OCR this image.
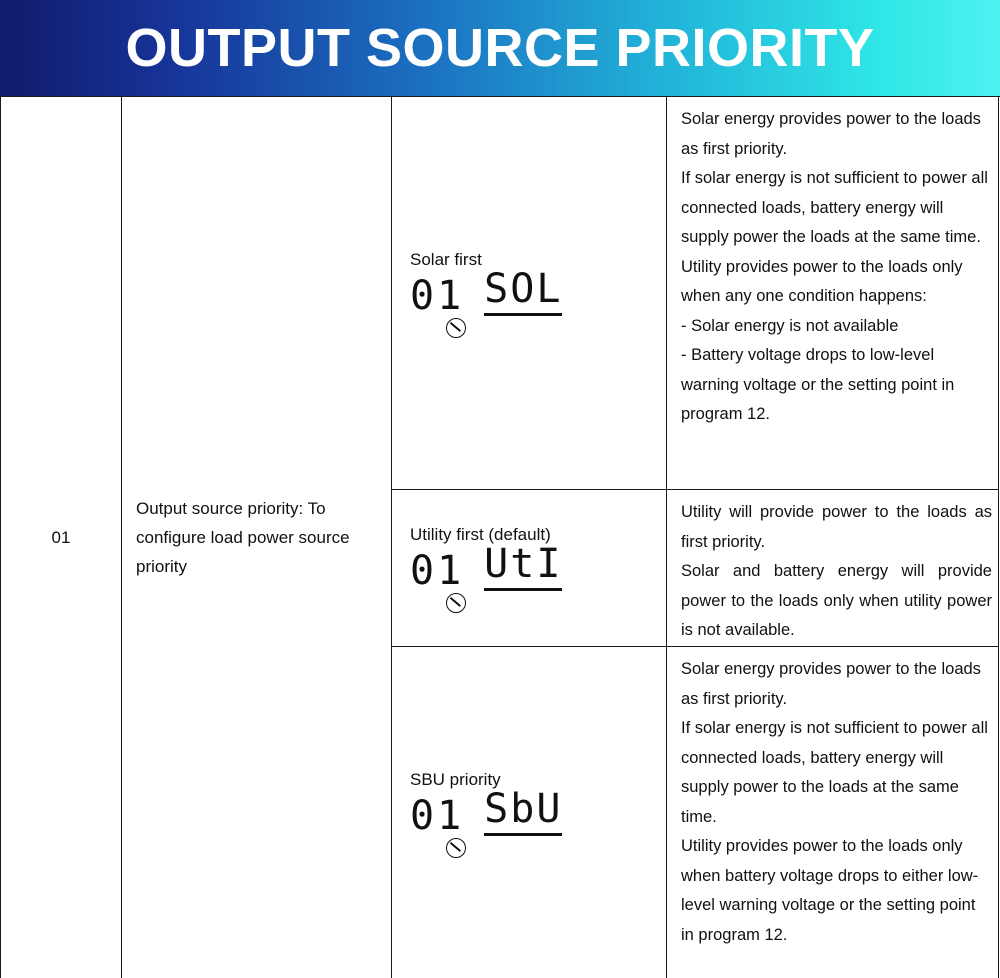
OUTPUT SOURCE PRIORITY
01
Output source priority: To configure load power source priority
Solar first
01 SOL

Solar energy provides power to the loads as first priority.

If solar energy is not sufficient to power all connected loads, battery energy will supply power the loads at the same time.

Utility provides power to the loads only when any one condition happens:

- Solar energy is not available

- Battery voltage drops to low-level warning voltage or the setting point in program 12.

Utility first (default)
01 UtI

Utility will provide power to the loads as first priority.

Solar and battery energy will provide power to the loads only when utility power is not available.

SBU priority
01 SbU

Solar energy provides power to the loads as first priority.

If solar energy is not sufficient to power all connected loads, battery energy will supply power to the loads at the same time.

Utility provides power to the loads only when battery voltage drops to either low-level warning voltage or the setting point in program 12.
